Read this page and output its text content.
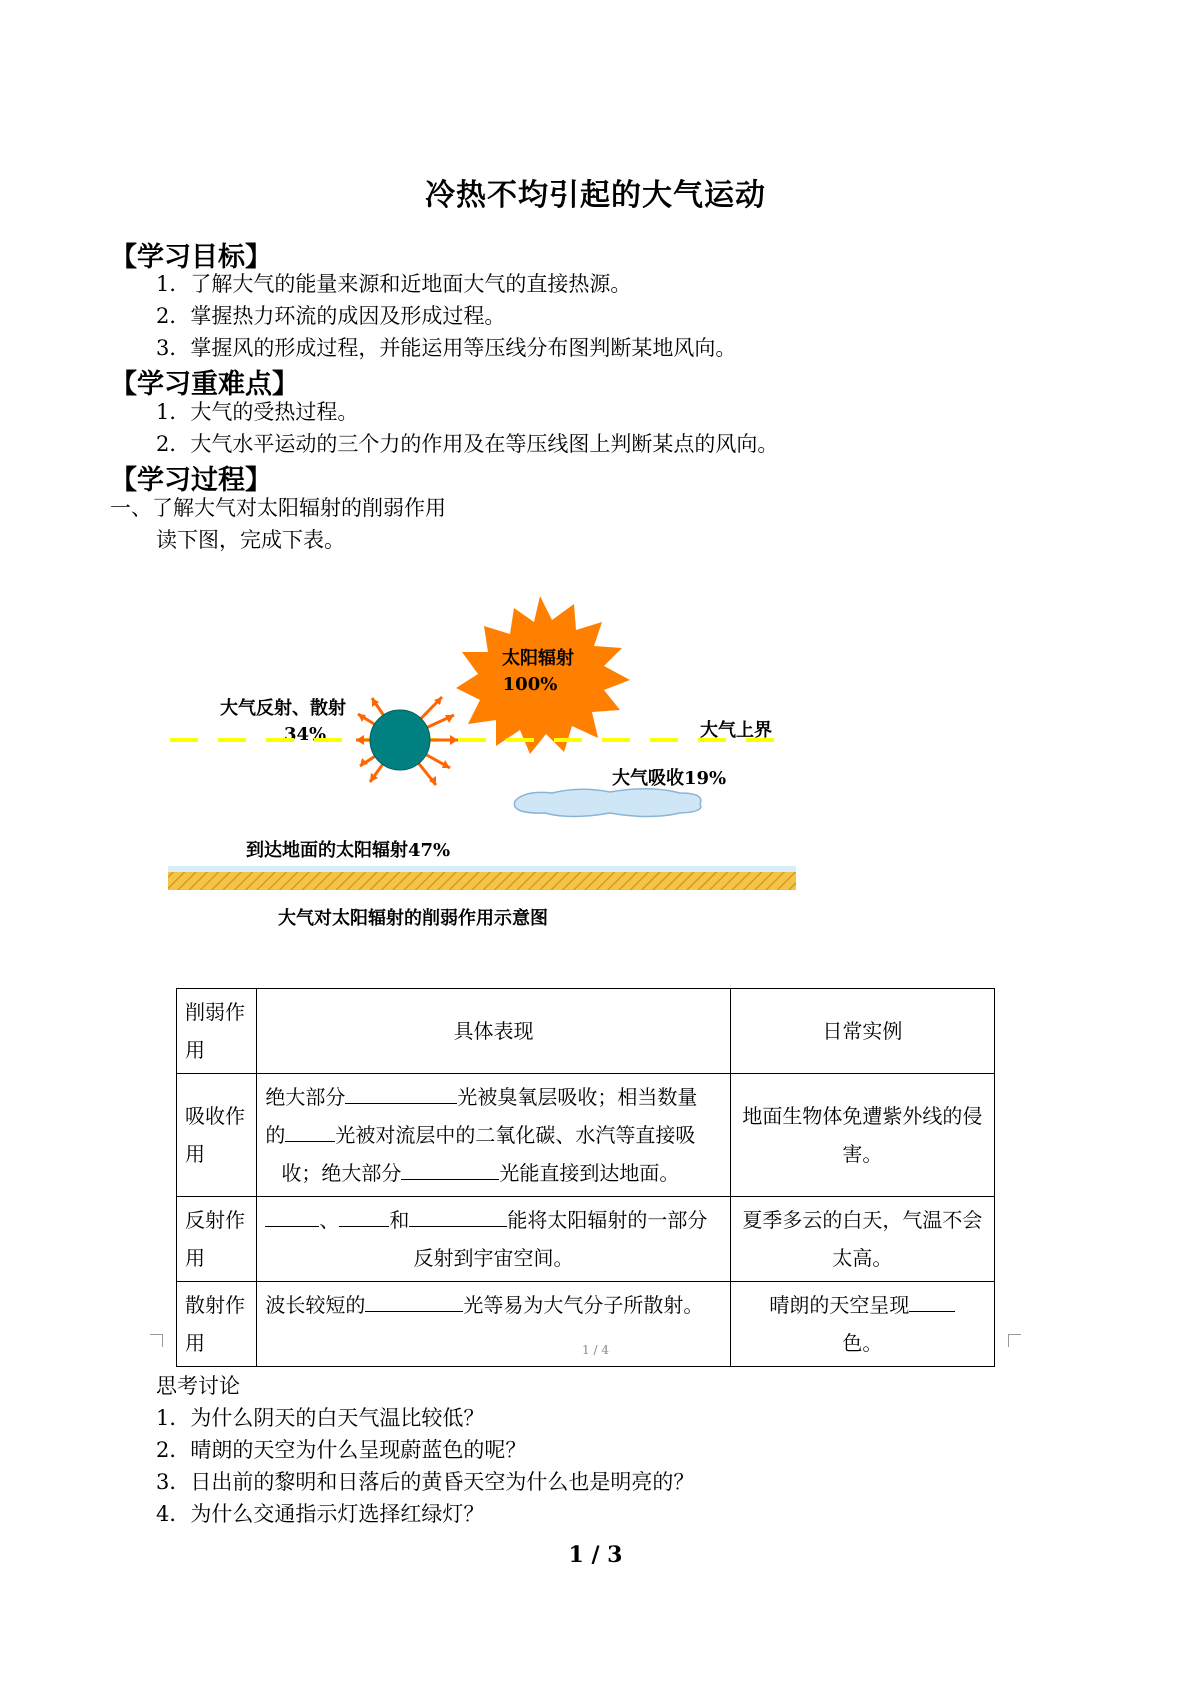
冷热不均引起的大气运动
【学习目标】
1．了解大气的能量来源和近地面大气的直接热源。
2．掌握热力环流的成因及形成过程。
3．掌握风的形成过程，并能运用等压线分布图判断某地风向。
【学习重难点】
1．大气的受热过程。
2．大气水平运动的三个力的作用及在等压线图上判断某点的风向。
【学习过程】
一、了解大气对太阳辐射的削弱作用
读下图，完成下表。
太阳辐射
100%
大气反射、散射
34%	大气上界
大气吸收19%
到达地面的太阳辐射47%
大气对太阳辐射的削弱作用示意图
削弱作用	具体表现	日常实例
吸收作用	绝大部分 光被臭氧层吸收；相当数量
的 光被对流层中的二氧化碳、水汽等直接吸
收；绝大部分 光能直接到达地面。	地面生物体免遭紫外线的侵害。
反射作用	、 和 能将太阳辐射的一部分

反射到宇宙空间。	夏季多云的白天，气温不会太高。
散射作用	波长较短的 光等易为大气分子所散射。	晴朗的天空呈现
色。
1 / 4
思考讨论
1．为什么阴天的白天气温比较低？
2．晴朗的天空为什么呈现蔚蓝色的呢？
3．日出前的黎明和日落后的黄昏天空为什么也是明亮的？
4．为什么交通指示灯选择红绿灯？
1 / 3
